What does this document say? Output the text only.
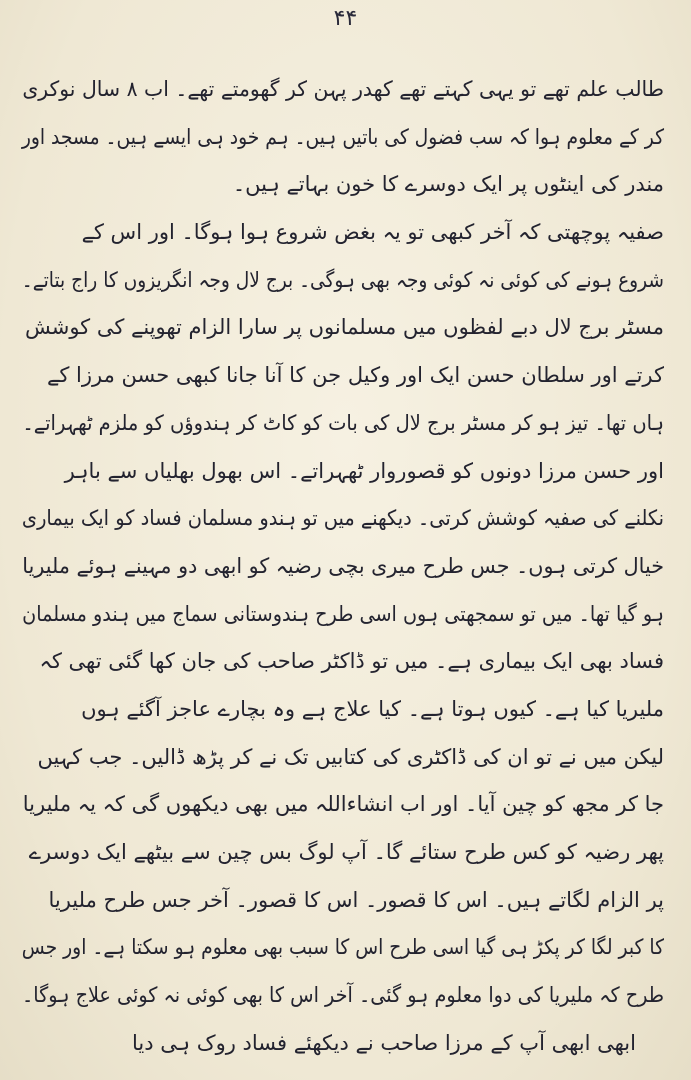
۴۴
طالب علم تھے تو یہی کہتے تھے کھدر پہن کر گھومتے تھے۔ اب ۸ سال نوکری
کر کے معلوم ہوا کہ سب فضول کی باتیں ہیں۔ ہم خود ہی ایسے ہیں۔ مسجد اور
مندر کی اینٹوں پر ایک دوسرے کا خون بہاتے ہیں۔
صفیہ پوچھتی کہ آخر کبھی تو یہ بغض شروع ہوا ہوگا۔ اور اس کے
شروع ہونے کی کوئی نہ کوئی وجہ بھی ہوگی۔ برج لال وجہ انگریزوں کا راج بتاتے۔
مسٹر برج لال دبے لفظوں میں مسلمانوں پر سارا الزام تھوپنے کی کوشش
کرتے اور سلطان حسن ایک اور وکیل جن کا آنا جانا کبھی حسن مرزا کے
ہاں تھا۔ تیز ہو کر مسٹر برج لال کی بات کو کاٹ کر ہندوؤں کو ملزم ٹھہراتے۔
اور حسن مرزا دونوں کو قصوروار ٹھہراتے۔ اس بھول بھلیاں سے باہر
نکلنے کی صفیہ کوشش کرتی۔ دیکھنے میں تو ہندو مسلمان فساد کو ایک بیماری
خیال کرتی ہوں۔ جس طرح میری بچی رضیہ کو ابھی دو مہینے ہوئے ملیریا
ہو گیا تھا۔ میں تو سمجھتی ہوں اسی طرح ہندوستانی سماج میں ہندو مسلمان
فساد بھی ایک بیماری ہے۔ میں تو ڈاکٹر صاحب کی جان کھا گئی تھی کہ
ملیریا کیا ہے۔ کیوں ہوتا ہے۔ کیا علاج ہے وہ بچارے عاجز آگئے ہوں
لیکن میں نے تو ان کی ڈاکٹری کی کتابیں تک نے کر پڑھ ڈالیں۔ جب کہیں
جا کر مجھ کو چین آیا۔ اور اب انشاءاللہ میں بھی دیکھوں گی کہ یہ ملیریا
پھر رضیہ کو کس طرح ستائے گا۔ آپ لوگ بس چین سے بیٹھے ایک دوسرے
پر الزام لگاتے ہیں۔ اس کا قصور۔ اس کا قصور۔ آخر جس طرح ملیریا
کا کبر لگا کر پکڑ ہی گیا اسی طرح اس کا سبب بھی معلوم ہو سکتا ہے۔ اور جس
طرح کہ ملیریا کی دوا معلوم ہو گئی۔ آخر اس کا بھی کوئی نہ کوئی علاج ہوگا۔
ابھی ابھی آپ کے مرزا صاحب نے دیکھئے فساد روک ہی دیا
